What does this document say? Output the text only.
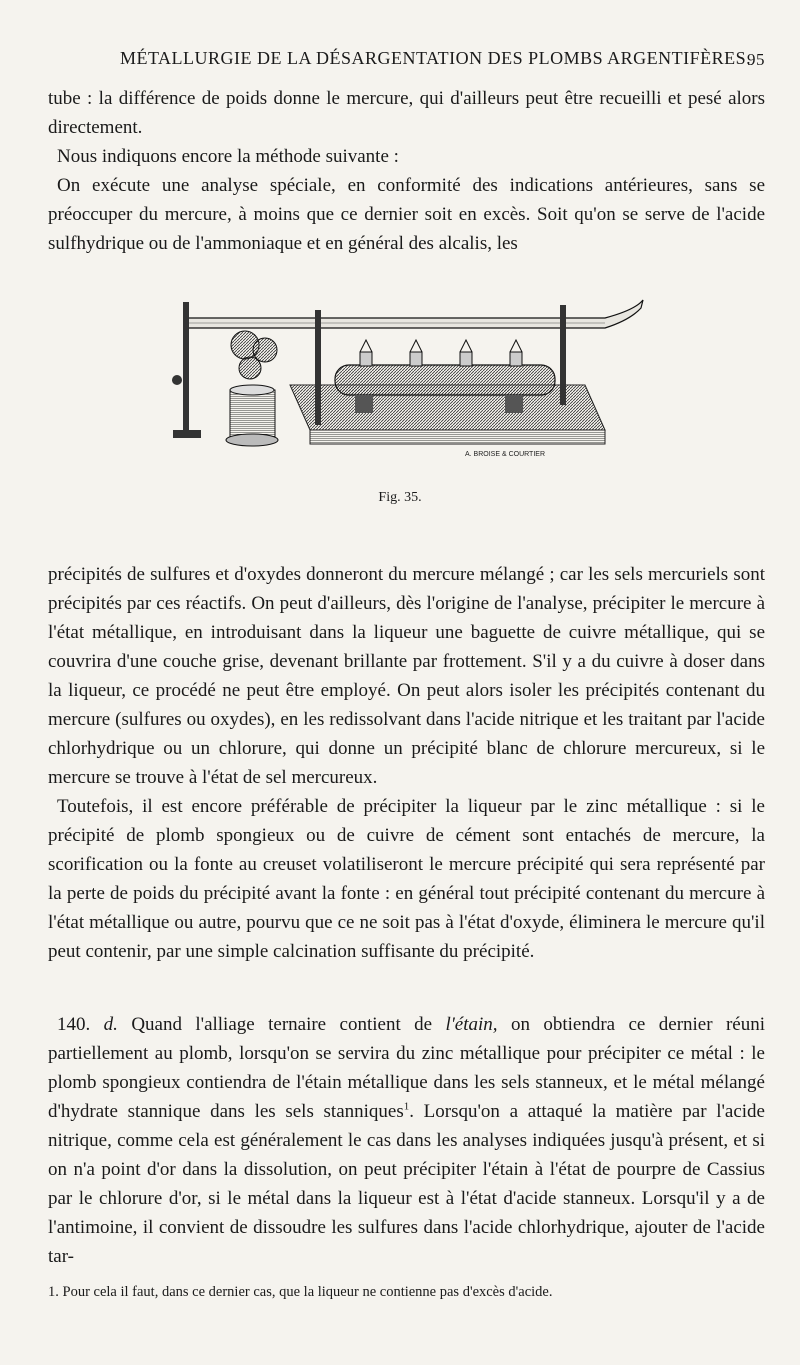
MÉTALLURGIE DE LA DÉSARGENTATION DES PLOMBS ARGENTIFÈRES.
95

tube : la différence de poids donne le mercure, qui d'ailleurs peut être recueilli et pesé alors directement.

Nous indiquons encore la méthode suivante :

On exécute une analyse spéciale, en conformité des indications antérieures, sans se préoccuper du mercure, à moins que ce dernier soit en excès. Soit qu'on se serve de l'acide sulfhydrique ou de l'ammoniaque et en général des alcalis, les

A. BROISE & COURTIER
Fig. 35.

précipités de sulfures et d'oxydes donneront du mercure mélangé ; car les sels mercuriels sont précipités par ces réactifs. On peut d'ailleurs, dès l'origine de l'analyse, précipiter le mercure à l'état métallique, en introduisant dans la liqueur une baguette de cuivre métallique, qui se couvrira d'une couche grise, devenant brillante par frottement. S'il y a du cuivre à doser dans la liqueur, ce procédé ne peut être employé. On peut alors isoler les précipités contenant du mercure (sulfures ou oxydes), en les redissolvant dans l'acide nitrique et les traitant par l'acide chlorhydrique ou un chlorure, qui donne un précipité blanc de chlorure mercureux, si le mercure se trouve à l'état de sel mercureux.

Toutefois, il est encore préférable de précipiter la liqueur par le zinc métallique : si le précipité de plomb spongieux ou de cuivre de cément sont entachés de mercure, la scorification ou la fonte au creuset volatiliseront le mercure précipité qui sera représenté par la perte de poids du précipité avant la fonte : en général tout précipité contenant du mercure à l'état métallique ou autre, pourvu que ce ne soit pas à l'état d'oxyde, éliminera le mercure qu'il peut contenir, par une simple calcination suffisante du précipité.

140. d. Quand l'alliage ternaire contient de l'étain, on obtiendra ce dernier réuni partiellement au plomb, lorsqu'on se servira du zinc métallique pour précipiter ce métal : le plomb spongieux contiendra de l'étain métallique dans les sels stanneux, et le métal mélangé d'hydrate stannique dans les sels stanniques$^1$. Lorsqu'on a attaqué la matière par l'acide nitrique, comme cela est généralement le cas dans les analyses indiquées jusqu'à présent, et si on n'a point d'or dans la dissolution, on peut précipiter l'étain à l'état de pourpre de Cassius par le chlorure d'or, si le métal dans la liqueur est à l'état d'acide stanneux. Lorsqu'il y a de l'antimoine, il convient de dissoudre les sulfures dans l'acide chlorhydrique, ajouter de l'acide tar-

1. Pour cela il faut, dans ce dernier cas, que la liqueur ne contienne pas d'excès d'acide.
